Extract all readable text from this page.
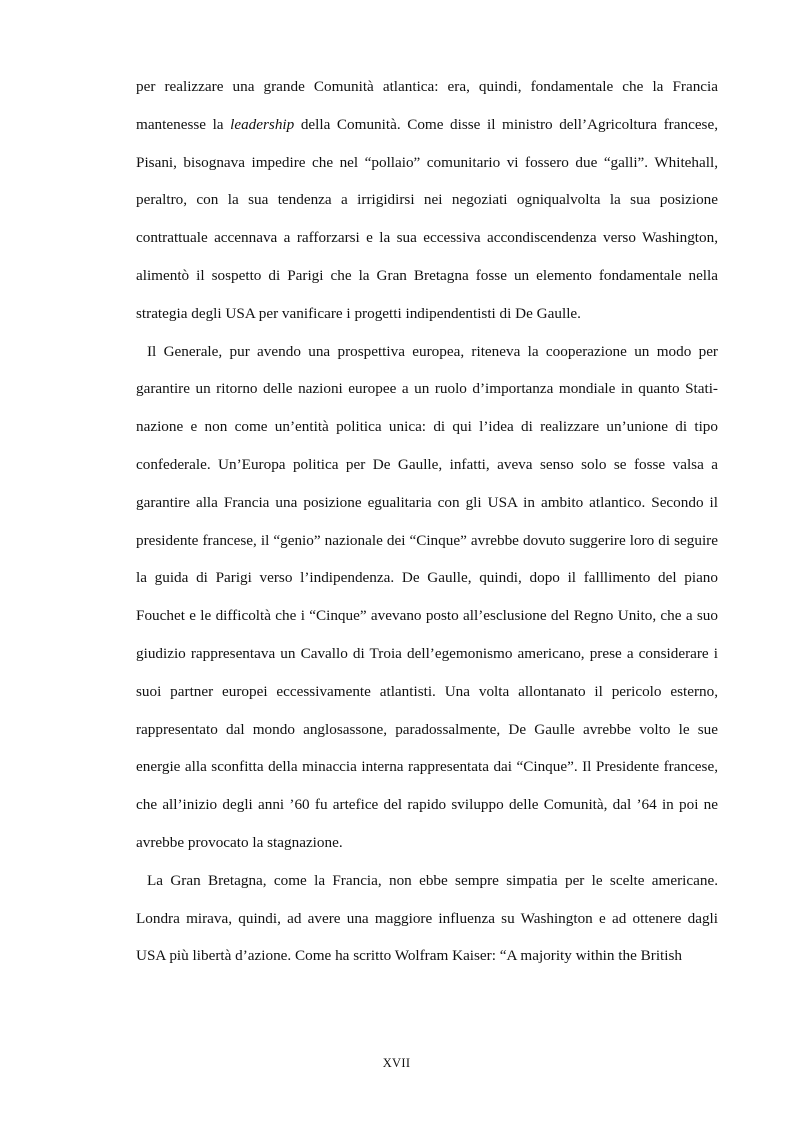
per realizzare una grande Comunità atlantica: era, quindi, fondamentale che la Francia mantenesse la leadership della Comunità. Come disse il ministro dell’Agricoltura francese, Pisani, bisognava impedire che nel “pollaio” comunitario vi fossero due “galli”. Whitehall, peraltro, con la sua tendenza a irrigidirsi nei negoziati ogniqualvolta la sua posizione contrattuale accennava a rafforzarsi e la sua eccessiva accondiscendenza verso Washington, alimentò il sospetto di Parigi che la Gran Bretagna fosse un elemento fondamentale nella strategia degli USA per vanificare i progetti indipendentisti di De Gaulle.

Il Generale, pur avendo una prospettiva europea, riteneva la cooperazione un modo per garantire un ritorno delle nazioni europee a un ruolo d’importanza mondiale in quanto Stati-nazione e non come un’entità politica unica: di qui l’idea di realizzare un’unione di tipo confederale. Un’Europa politica per De Gaulle, infatti, aveva senso solo se fosse valsa a garantire alla Francia una posizione egualitaria con gli USA in ambito atlantico. Secondo il presidente francese, il “genio” nazionale dei “Cinque” avrebbe dovuto suggerire loro di seguire la guida di Parigi verso l’indipendenza. De Gaulle, quindi, dopo il falllimento del piano Fouchet e le difficoltà che i “Cinque” avevano posto all’esclusione del Regno Unito, che a suo giudizio rappresentava un Cavallo di Troia dell’egemonismo americano, prese a considerare i suoi partner europei eccessivamente atlantisti. Una volta allontanato il pericolo esterno, rappresentato dal mondo anglosassone, paradossalmente, De Gaulle avrebbe volto le sue energie alla sconfitta della minaccia interna rappresentata dai “Cinque”. Il Presidente francese, che all’inizio degli anni ’60 fu artefice del rapido sviluppo delle Comunità, dal ’64 in poi ne avrebbe provocato la stagnazione.

La Gran Bretagna, come la Francia, non ebbe sempre simpatia per le scelte americane. Londra mirava, quindi, ad avere una maggiore influenza su Washington e ad ottenere dagli USA più libertà d’azione. Come ha scritto Wolfram Kaiser: “A majority within the British

XVII
